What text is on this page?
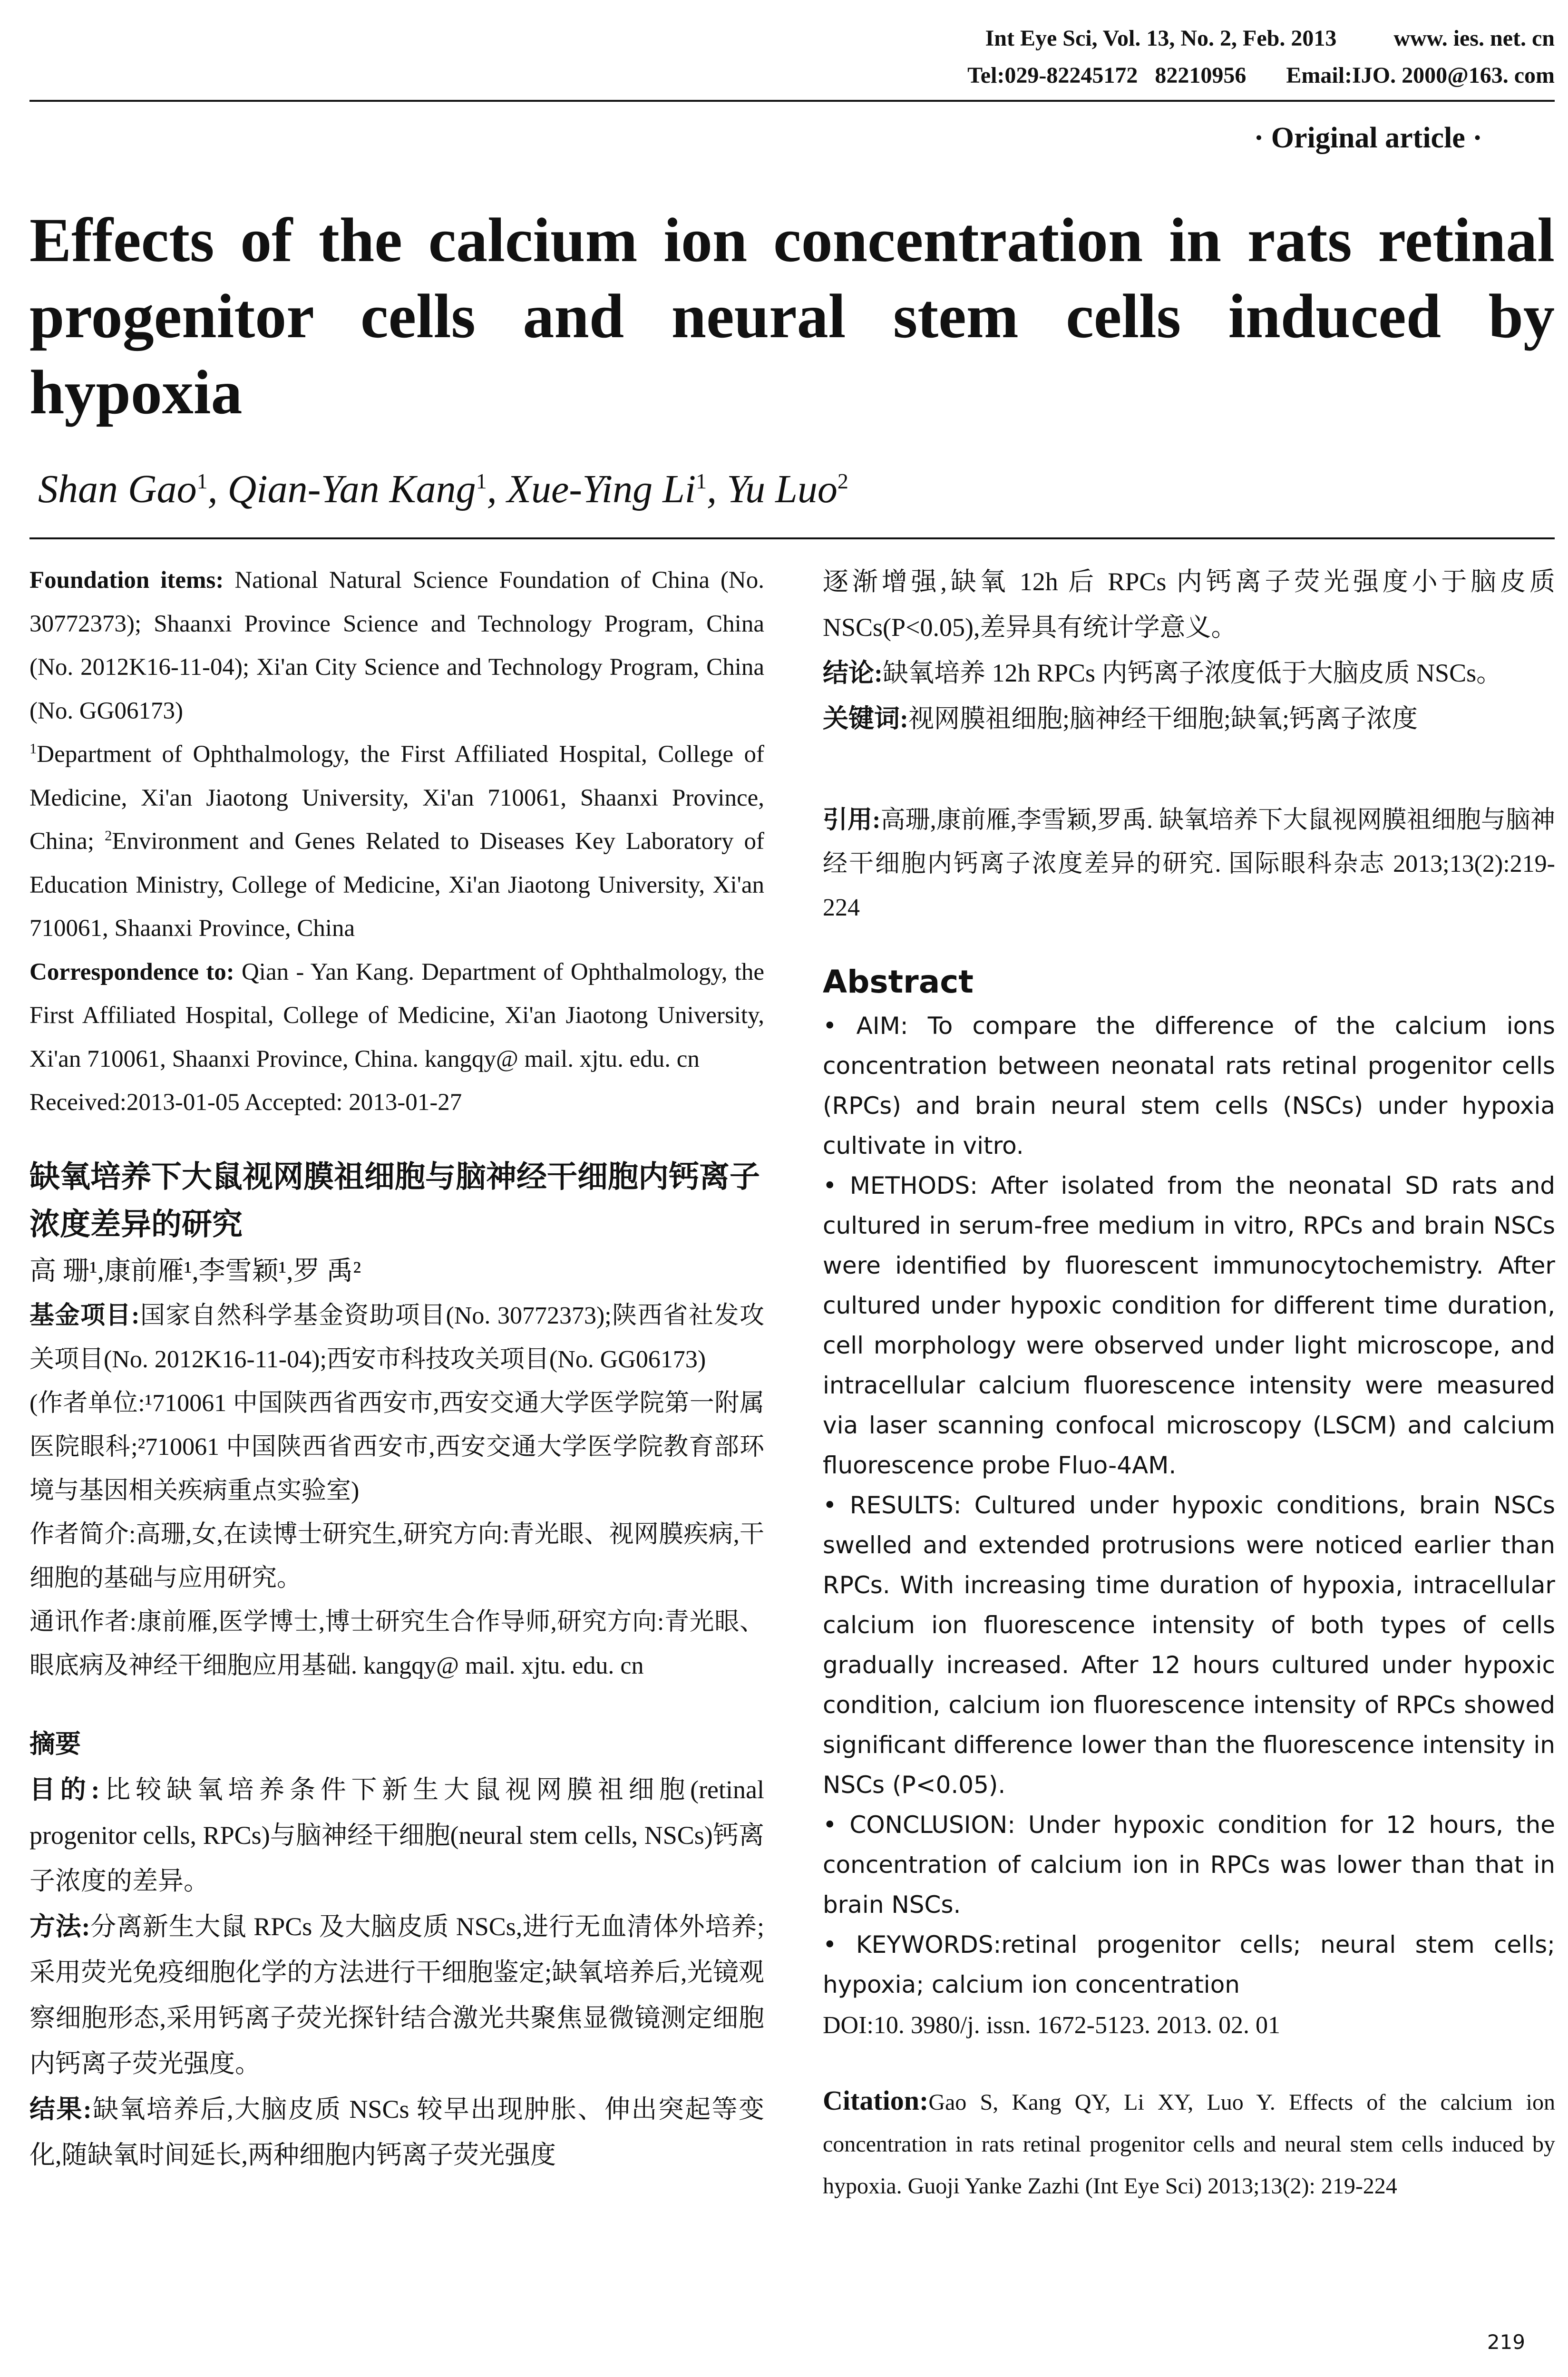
Int Eye Sci, Vol. 13, No. 2, Feb. 2013	www. ies. net. cn
Tel:029-82245172   82210956 Email:IJO. 2000@163. com
· Original article ·
Effects of the calcium ion concentration in rats retinal progenitor cells and neural stem cells induced by hypoxia
Shan Gao$^1$, Qian-Yan Kang$^1$, Xue-Ying Li$^1$, Yu Luo$^2$

Foundation items: National Natural Science Foundation of China (No. 30772373); Shaanxi Province Science and Technology Program, China (No. 2012K16-11-04); Xi'an City Science and Technology Program, China (No. GG06173)

$^1$Department of Ophthalmology, the First Affiliated Hospital, College of Medicine, Xi'an Jiaotong University, Xi'an 710061, Shaanxi Province, China; $^2$Environment and Genes Related to Diseases Key Laboratory of Education Ministry, College of Medicine, Xi'an Jiaotong University, Xi'an 710061, Shaanxi Province, China

Correspondence to: Qian - Yan Kang. Department of Ophthalmology, the First Affiliated Hospital, College of Medicine, Xi'an Jiaotong University, Xi'an 710061, Shaanxi Province, China. kangqy@ mail. xjtu. edu. cn

Received:2013-01-05 Accepted: 2013-01-27

缺氧培养下大鼠视网膜祖细胞与脑神经干细胞内钙离子浓度差异的研究

高 珊¹,康前雁¹,李雪颖¹,罗 禹²

基金项目:国家自然科学基金资助项目(No. 30772373);陕西省社发攻关项目(No. 2012K16-11-04);西安市科技攻关项目(No. GG06173)

(作者单位:¹710061 中国陕西省西安市,西安交通大学医学院第一附属医院眼科;²710061 中国陕西省西安市,西安交通大学医学院教育部环境与基因相关疾病重点实验室)

作者简介:高珊,女,在读博士研究生,研究方向:青光眼、视网膜疾病,干细胞的基础与应用研究。

通讯作者:康前雁,医学博士,博士研究生合作导师,研究方向:青光眼、眼底病及神经干细胞应用基础. kangqy@ mail. xjtu. edu. cn

摘要

目的:比较缺氧培养条件下新生大鼠视网膜祖细胞(retinal progenitor cells, RPCs)与脑神经干细胞(neural stem cells, NSCs)钙离子浓度的差异。

方法:分离新生大鼠 RPCs 及大脑皮质 NSCs,进行无血清体外培养;采用荧光免疫细胞化学的方法进行干细胞鉴定;缺氧培养后,光镜观察细胞形态,采用钙离子荧光探针结合激光共聚焦显微镜测定细胞内钙离子荧光强度。

结果:缺氧培养后,大脑皮质 NSCs 较早出现肿胀、伸出突起等变化,随缺氧时间延长,两种细胞内钙离子荧光强度

逐渐增强,缺氧 12h 后 RPCs 内钙离子荧光强度小于脑皮质 NSCs(P<0.05),差异具有统计学意义。

结论:缺氧培养 12h RPCs 内钙离子浓度低于大脑皮质 NSCs。

关键词:视网膜祖细胞;脑神经干细胞;缺氧;钙离子浓度

引用:高珊,康前雁,李雪颖,罗禹. 缺氧培养下大鼠视网膜祖细胞与脑神经干细胞内钙离子浓度差异的研究. 国际眼科杂志 2013;13(2):219-224

Abstract

• AIM: To compare the difference of the calcium ions concentration between neonatal rats retinal progenitor cells (RPCs) and brain neural stem cells (NSCs) under hypoxia cultivate in vitro.

• METHODS: After isolated from the neonatal SD rats and cultured in serum-free medium in vitro, RPCs and brain NSCs were identified by fluorescent immunocytochemistry. After cultured under hypoxic condition for different time duration, cell morphology were observed under light microscope, and intracellular calcium fluorescence intensity were measured via laser scanning confocal microscopy (LSCM) and calcium fluorescence probe Fluo-4AM.

• RESULTS: Cultured under hypoxic conditions, brain NSCs swelled and extended protrusions were noticed earlier than RPCs. With increasing time duration of hypoxia, intracellular calcium ion fluorescence intensity of both types of cells gradually increased. After 12 hours cultured under hypoxic condition, calcium ion fluorescence intensity of RPCs showed significant difference lower than the fluorescence intensity in NSCs (P<0.05).

• CONCLUSION: Under hypoxic condition for 12 hours, the concentration of calcium ion in RPCs was lower than that in brain NSCs.

• KEYWORDS:retinal progenitor cells; neural stem cells; hypoxia; calcium ion concentration

DOI:10. 3980/j. issn. 1672-5123. 2013. 02. 01

Citation:Gao S, Kang QY, Li XY, Luo Y. Effects of the calcium ion concentration in rats retinal progenitor cells and neural stem cells induced by hypoxia. Guoji Yanke Zazhi (Int Eye Sci) 2013;13(2): 219-224

219
